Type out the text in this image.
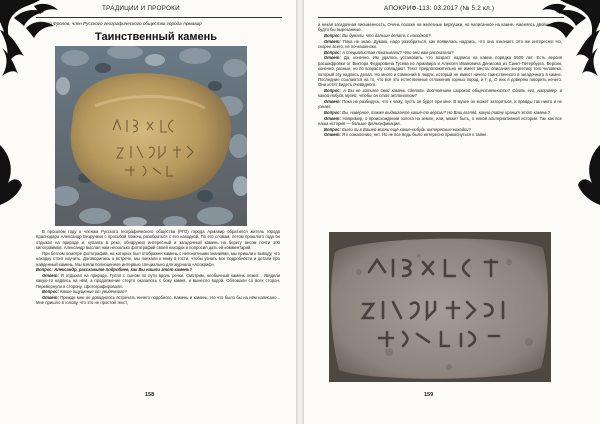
ТРАДИЦИИ И ПРОРОКИ
Сергей Фролов, член Русского географического общества города Армавир
Таинственный камень

В прошлом году к членам Русского географического общества (РГО) города Армавир обратился житель города Краснодара Александр Безручкин с просьбой помочь разобраться с его находкой. По его словам, летом прошлого года он отдыхал на природе и, купаясь в реке, обнаружил интересный и загадочный камень на берегу весом почти 100 килограммов. Александр выслал нам несколько фотографий своей находки и попросил дать ей комментарий.

При беглом осмотре фотографий, на которых был отображен камень с непонятными знаниями, мы пришли к выводу, что находку стоит изучить. Договорились о встрече, мы поехали к нему в гости, чтобы узнать все подробности и детали про найденный камень. Мы взяли полноценное интервью специально для журнала «Апокриф».

Вопрос: Александр, расскажите подробнее, как Вы нашли этот камень?

Ответ: Я отдыхал на природе. Гулял с сыном по пути вдоль речки. Смотрим, необычный камень лежит... Увидели какую-то надпись на нём, а продолжение стерто оказалось с боку камня, и вынесло водой. Обломали со всех сторон. Перевернули в сторону, сфотографировали.

Вопрос: Какое ощущение от увиденного?

Ответ: Прежде мне не доводилось встречать ничего подобного. Камень и камень. Но что было бы на нём написано... Мне пришло в голову, что это не простой текст,

158
АПОКРИФ-113: 03.2017 (№ 5.2 кл.)

а некая загадочная письменность. Очень похоже на железные верхушки, но написанное на камне. Аменяясь двойные, как будто бы вырезанные.

Вопрос: Вы думали, что дальше делать с находкой?

Ответ: Пока не знаю. Думаю, надо разобраться, как появилась надпись, что она означает. Это же интересно! Но, скорее всего, не по-нашенски.

Вопрос: А специалистам показывали? Что они вам рассказали?

Ответ: Да, конечно. Им удалось установить, что возраст надписи на камне порядка 5500 лет. Есть версия расшифровки от Виктора Федоровича Гусева из Армавира и Алексея Ивановича Денисова из Санкт-Петербурга. Версии, конечно, разные, но по возрасту совпадают. Текст предположительно не имеет места: описания энергетику того человека, который эту надпись делал. Но много и сомнений в людях, который не имеют ничего таинственного в загадочного в камне. Последние ссылаются на то, что всё это естественные отложения горных пород, и т. д. О них я доверяю говорить нечего. Они хотят видеть очевидного.

Вопрос: А Вы не хотите свой камень сделать достоянием широкой общественности? Сдать его, например, в какой-нибудь музей, чтобы он стал экспонатом?

Ответ: Пока не разбирусь, что к чему, пусть он будет при мне. В музее он может затеряться, и правды так никто и не узнает.

Вопрос: Вы, наверное, также выдвигаете какие-то версии? Но Ваш взгляд, какую тайну хранит этот камень?

Ответ: Например, о происхождении золота на земле, или, может быть, о некой альтернативной истории. Так как все наша история — больше фальсификация.

Вопрос: Были ли в Вашей жизни ещё какие-нибудь интересные находки?

Ответ: Я к сожалению, нет. Но не все ведь было интересно прикоснуться к тайне.

159
